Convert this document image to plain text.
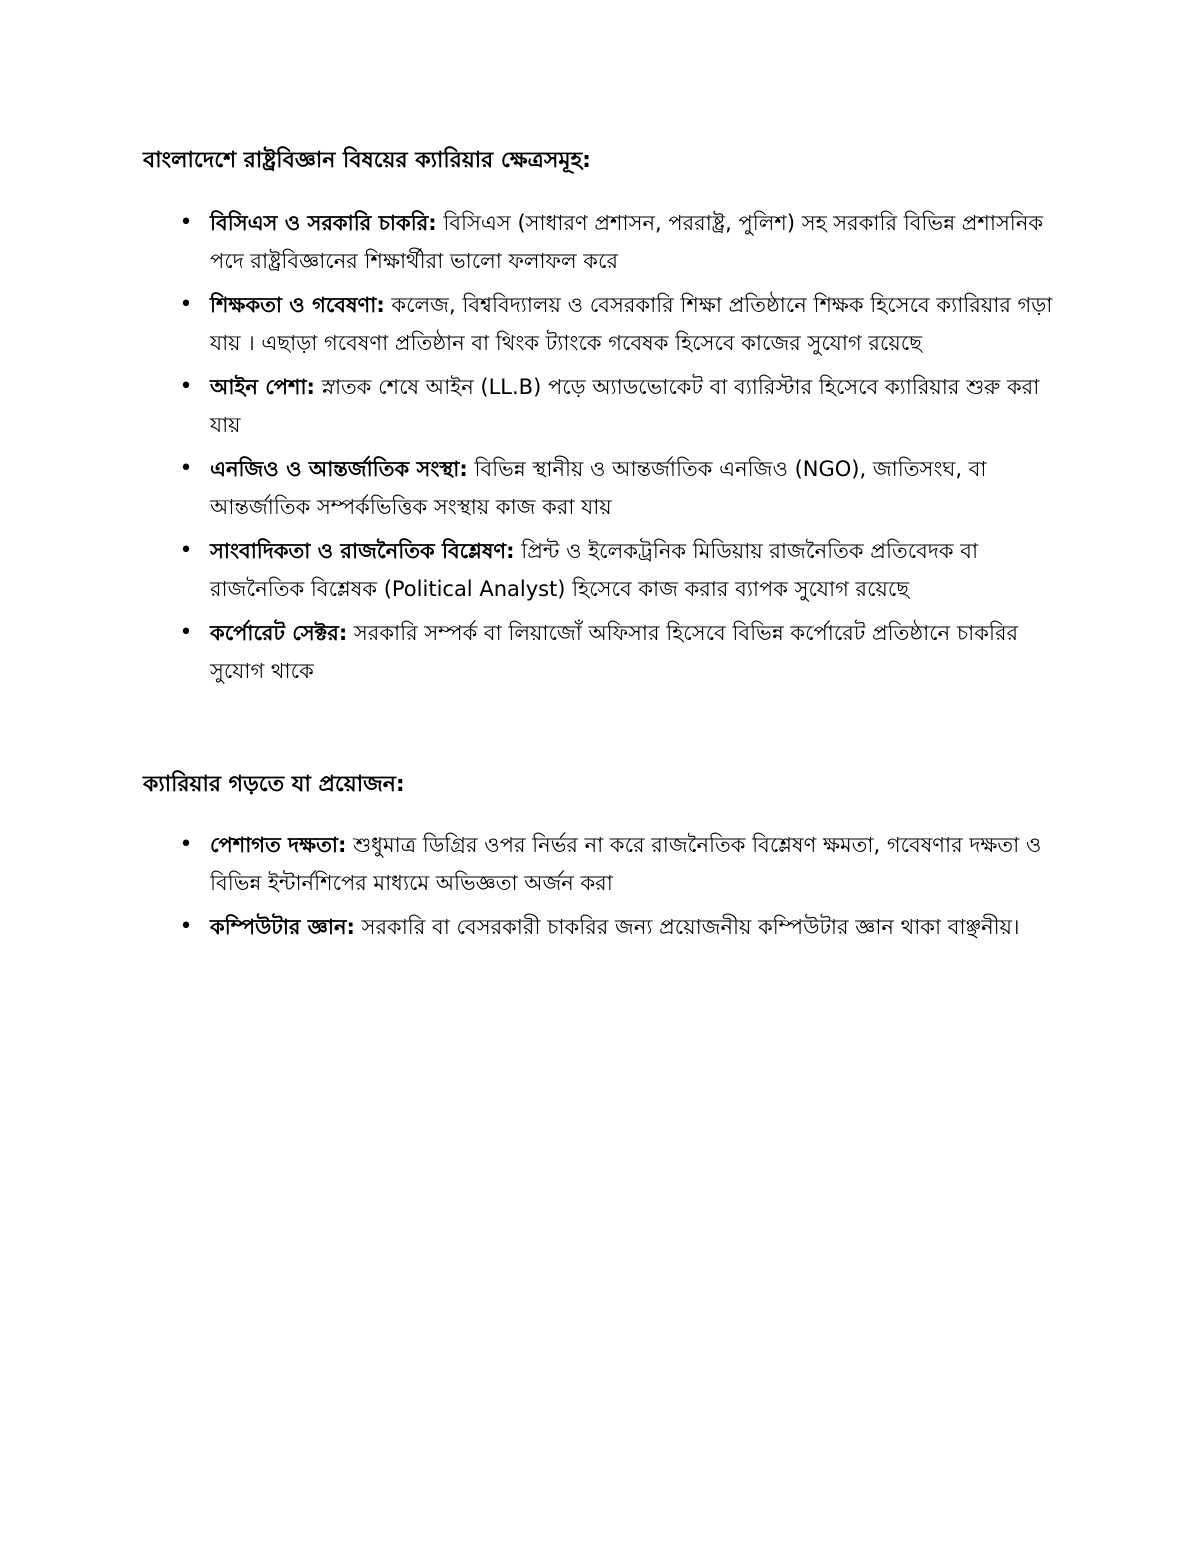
বাংলাদেশে রাষ্ট্রবিজ্ঞান বিষয়ের ক্যারিয়ার ক্ষেত্রসমূহ:
• বিসিএস ও সরকারি চাকরি: বিসিএস (সাধারণ প্রশাসন, পররাষ্ট্র, পুলিশ) সহ সরকারি বিভিন্ন প্রশাসনিক পদে রাষ্ট্রবিজ্ঞানের শিক্ষার্থীরা ভালো ফলাফল করে
• শিক্ষকতা ও গবেষণা: কলেজ, বিশ্ববিদ্যালয় ও বেসরকারি শিক্ষা প্রতিষ্ঠানে শিক্ষক হিসেবে ক্যারিয়ার গড়া যায় । এছাড়া গবেষণা প্রতিষ্ঠান বা থিংক ট্যাংকে গবেষক হিসেবে কাজের সুযোগ রয়েছে
• আইন পেশা: স্নাতক শেষে আইন (LL.B) পড়ে অ্যাডভোকেট বা ব্যারিস্টার হিসেবে ক্যারিয়ার শুরু করা যায়
• এনজিও ও আন্তর্জাতিক সংস্থা: বিভিন্ন স্থানীয় ও আন্তর্জাতিক এনজিও (NGO), জাতিসংঘ, বা আন্তর্জাতিক সম্পর্কভিত্তিক সংস্থায় কাজ করা যায়
• সাংবাদিকতা ও রাজনৈতিক বিশ্লেষণ: প্রিন্ট ও ইলেকট্রনিক মিডিয়ায় রাজনৈতিক প্রতিবেদক বা রাজনৈতিক বিশ্লেষক (Political Analyst) হিসেবে কাজ করার ব্যাপক সুযোগ রয়েছে
• কর্পোরেট সেক্টর: সরকারি সম্পর্ক বা লিয়াজোঁ অফিসার হিসেবে বিভিন্ন কর্পোরেট প্রতিষ্ঠানে চাকরির সুযোগ থাকে
ক্যারিয়ার গড়তে যা প্রয়োজন:
• পেশাগত দক্ষতা: শুধুমাত্র ডিগ্রির ওপর নির্ভর না করে রাজনৈতিক বিশ্লেষণ ক্ষমতা, গবেষণার দক্ষতা ও বিভিন্ন ইন্টার্নশিপের মাধ্যমে অভিজ্ঞতা অর্জন করা
• কম্পিউটার জ্ঞান: সরকারি বা বেসরকারী চাকরির জন্য প্রয়োজনীয় কম্পিউটার জ্ঞান থাকা বাঞ্ছনীয়।
